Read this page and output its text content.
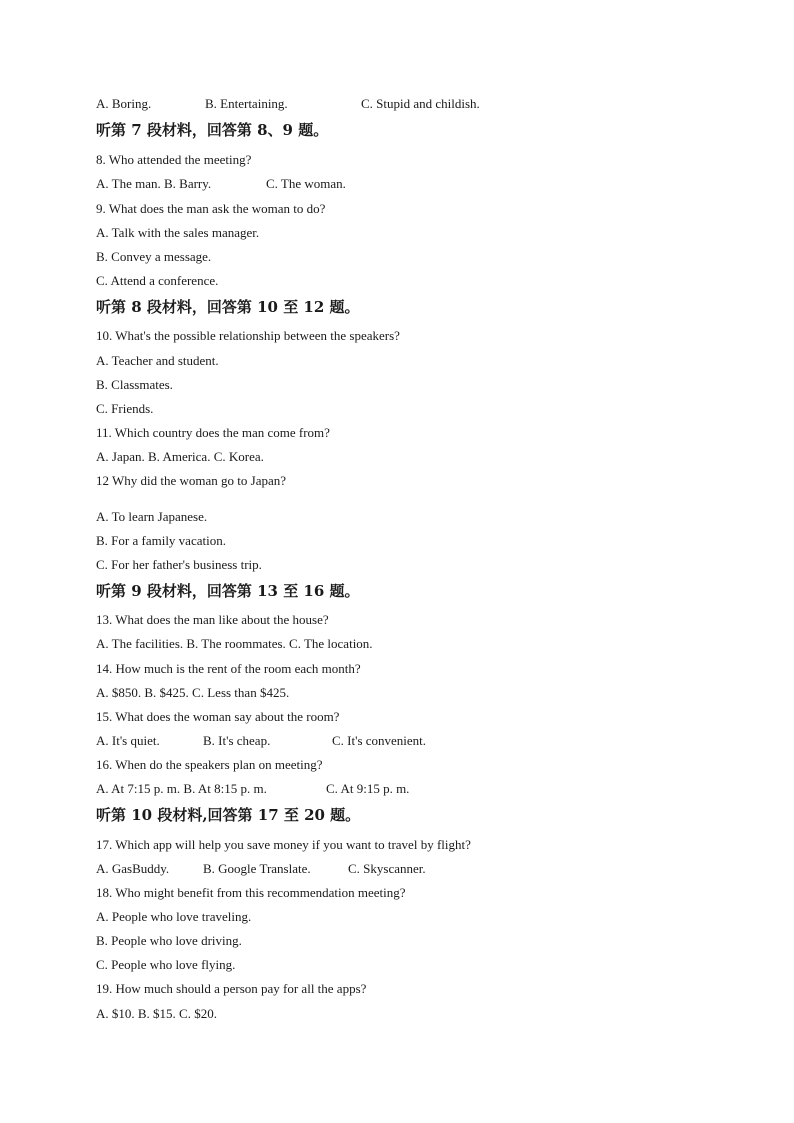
A. Boring.	B. Entertaining.	C. Stupid and childish.
听第 7 段材料，回答第 8、9 题。
8. Who attended the meeting?
A. The man. B. Barry.	C. The woman.
9. What does the man ask the woman to do?
A. Talk with the sales manager.
B. Convey a message.
C. Attend a conference.
听第 8 段材料，回答第 10 至 12 题。
10. What's the possible relationship between the speakers?
A. Teacher and student.
B. Classmates.
C. Friends.
11. Which country does the man come from?
A. Japan. B. America. C. Korea.
12 Why did the woman go to Japan?
A. To learn Japanese.
B. For a family vacation.
C. For her father's business trip.
听第 9 段材料，回答第 13 至 16 题。
13. What does the man like about the house?
A. The facilities. B. The roommates. C. The location.
14. How much is the rent of the room each month?
A. $850. B. $425. C. Less than $425.
15. What does the woman say about the room?
A. It's quiet.	B. It's cheap.	C. It's convenient.
16. When do the speakers plan on meeting?
A. At 7:15 p. m. B. At 8:15 p. m.	C. At 9:15 p. m.
听第 10 段材料,回答第 17 至 20 题。
17. Which app will help you save money if you want to travel by flight?
A. GasBuddy.	B. Google Translate.	C. Skyscanner.
18. Who might benefit from this recommendation meeting?
A. People who love traveling.
B. People who love driving.
C. People who love flying.
19. How much should a person pay for all the apps?
A. $10. B. $15. C. $20.
